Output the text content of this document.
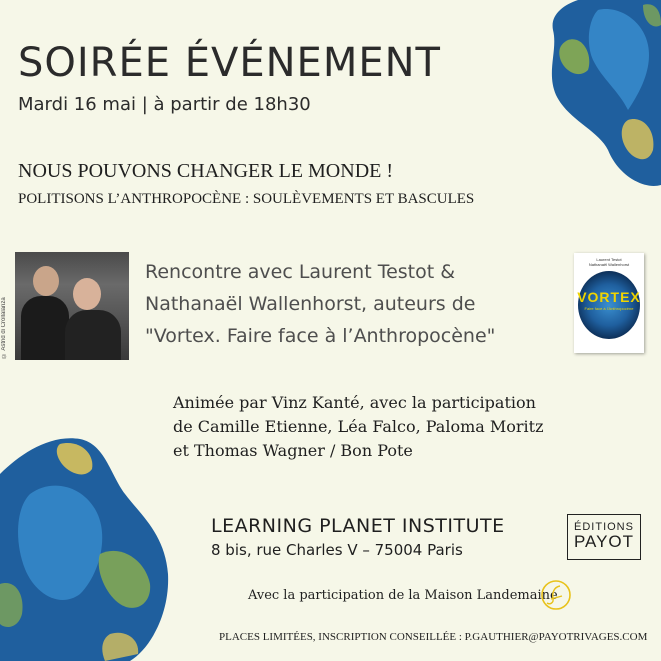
SOIRÉE ÉVÉNEMENT
Mardi 16 mai | à partir de 18h30
NOUS POUVONS CHANGER LE MONDE !
POLITISONS L’ANTHROPOCÈNE : SOULÈVEMENTS ET BASCULES
© Astrid di Crollalanza
Rencontre avec Laurent Testot &
Nathanaël Wallenhorst, auteurs de
"Vortex. Faire face à l’Anthropocène"
Laurent Testot
Nathanaël Wallenhorst
VORTEX
Faire face à l’Anthropocène
Animée par Vinz Kanté, avec la participation
de Camille Etienne, Léa Falco, Paloma Moritz
et Thomas Wagner / Bon Pote
LEARNING PLANET INSTITUTE
8 bis, rue Charles V – 75004 Paris
ÉDITIONS
PAYOT
Avec la participation de la Maison Landemaine
PLACES LIMITÉES, INSCRIPTION CONSEILLÉE : P.GAUTHIER@PAYOTRIVAGES.COM
